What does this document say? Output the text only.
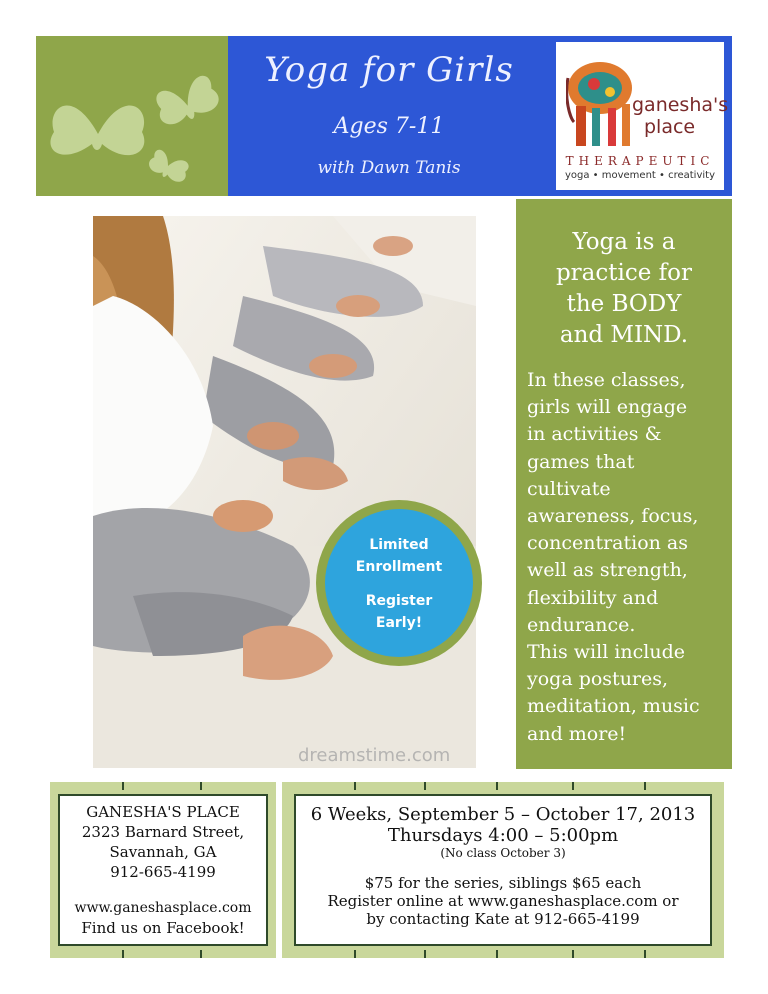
Yoga for Girls
Ages 7-11
with Dawn Tanis
ganesha's
place
THERAPEUTIC
yoga • movement • creativity
dreamstime.com
Limited
Enrollment
Register
Early!
Yoga is a
practice for
the BODY
and MIND.
In these classes,
girls will engage
in activities &
games that
cultivate
awareness, focus,
concentration as
well as strength,
flexibility and
endurance.
This will include
yoga postures,
meditation, music
and more!
GANESHA'S PLACE
2323 Barnard Street,
Savannah, GA
912-665-4199
www.ganeshasplace.com
Find us on Facebook!
6 Weeks, September 5 – October 17, 2013
Thursdays 4:00 – 5:00pm
(No class October 3)
$75 for the series, siblings $65 each
Register online at www.ganeshasplace.com or
by contacting Kate at 912-665-4199
